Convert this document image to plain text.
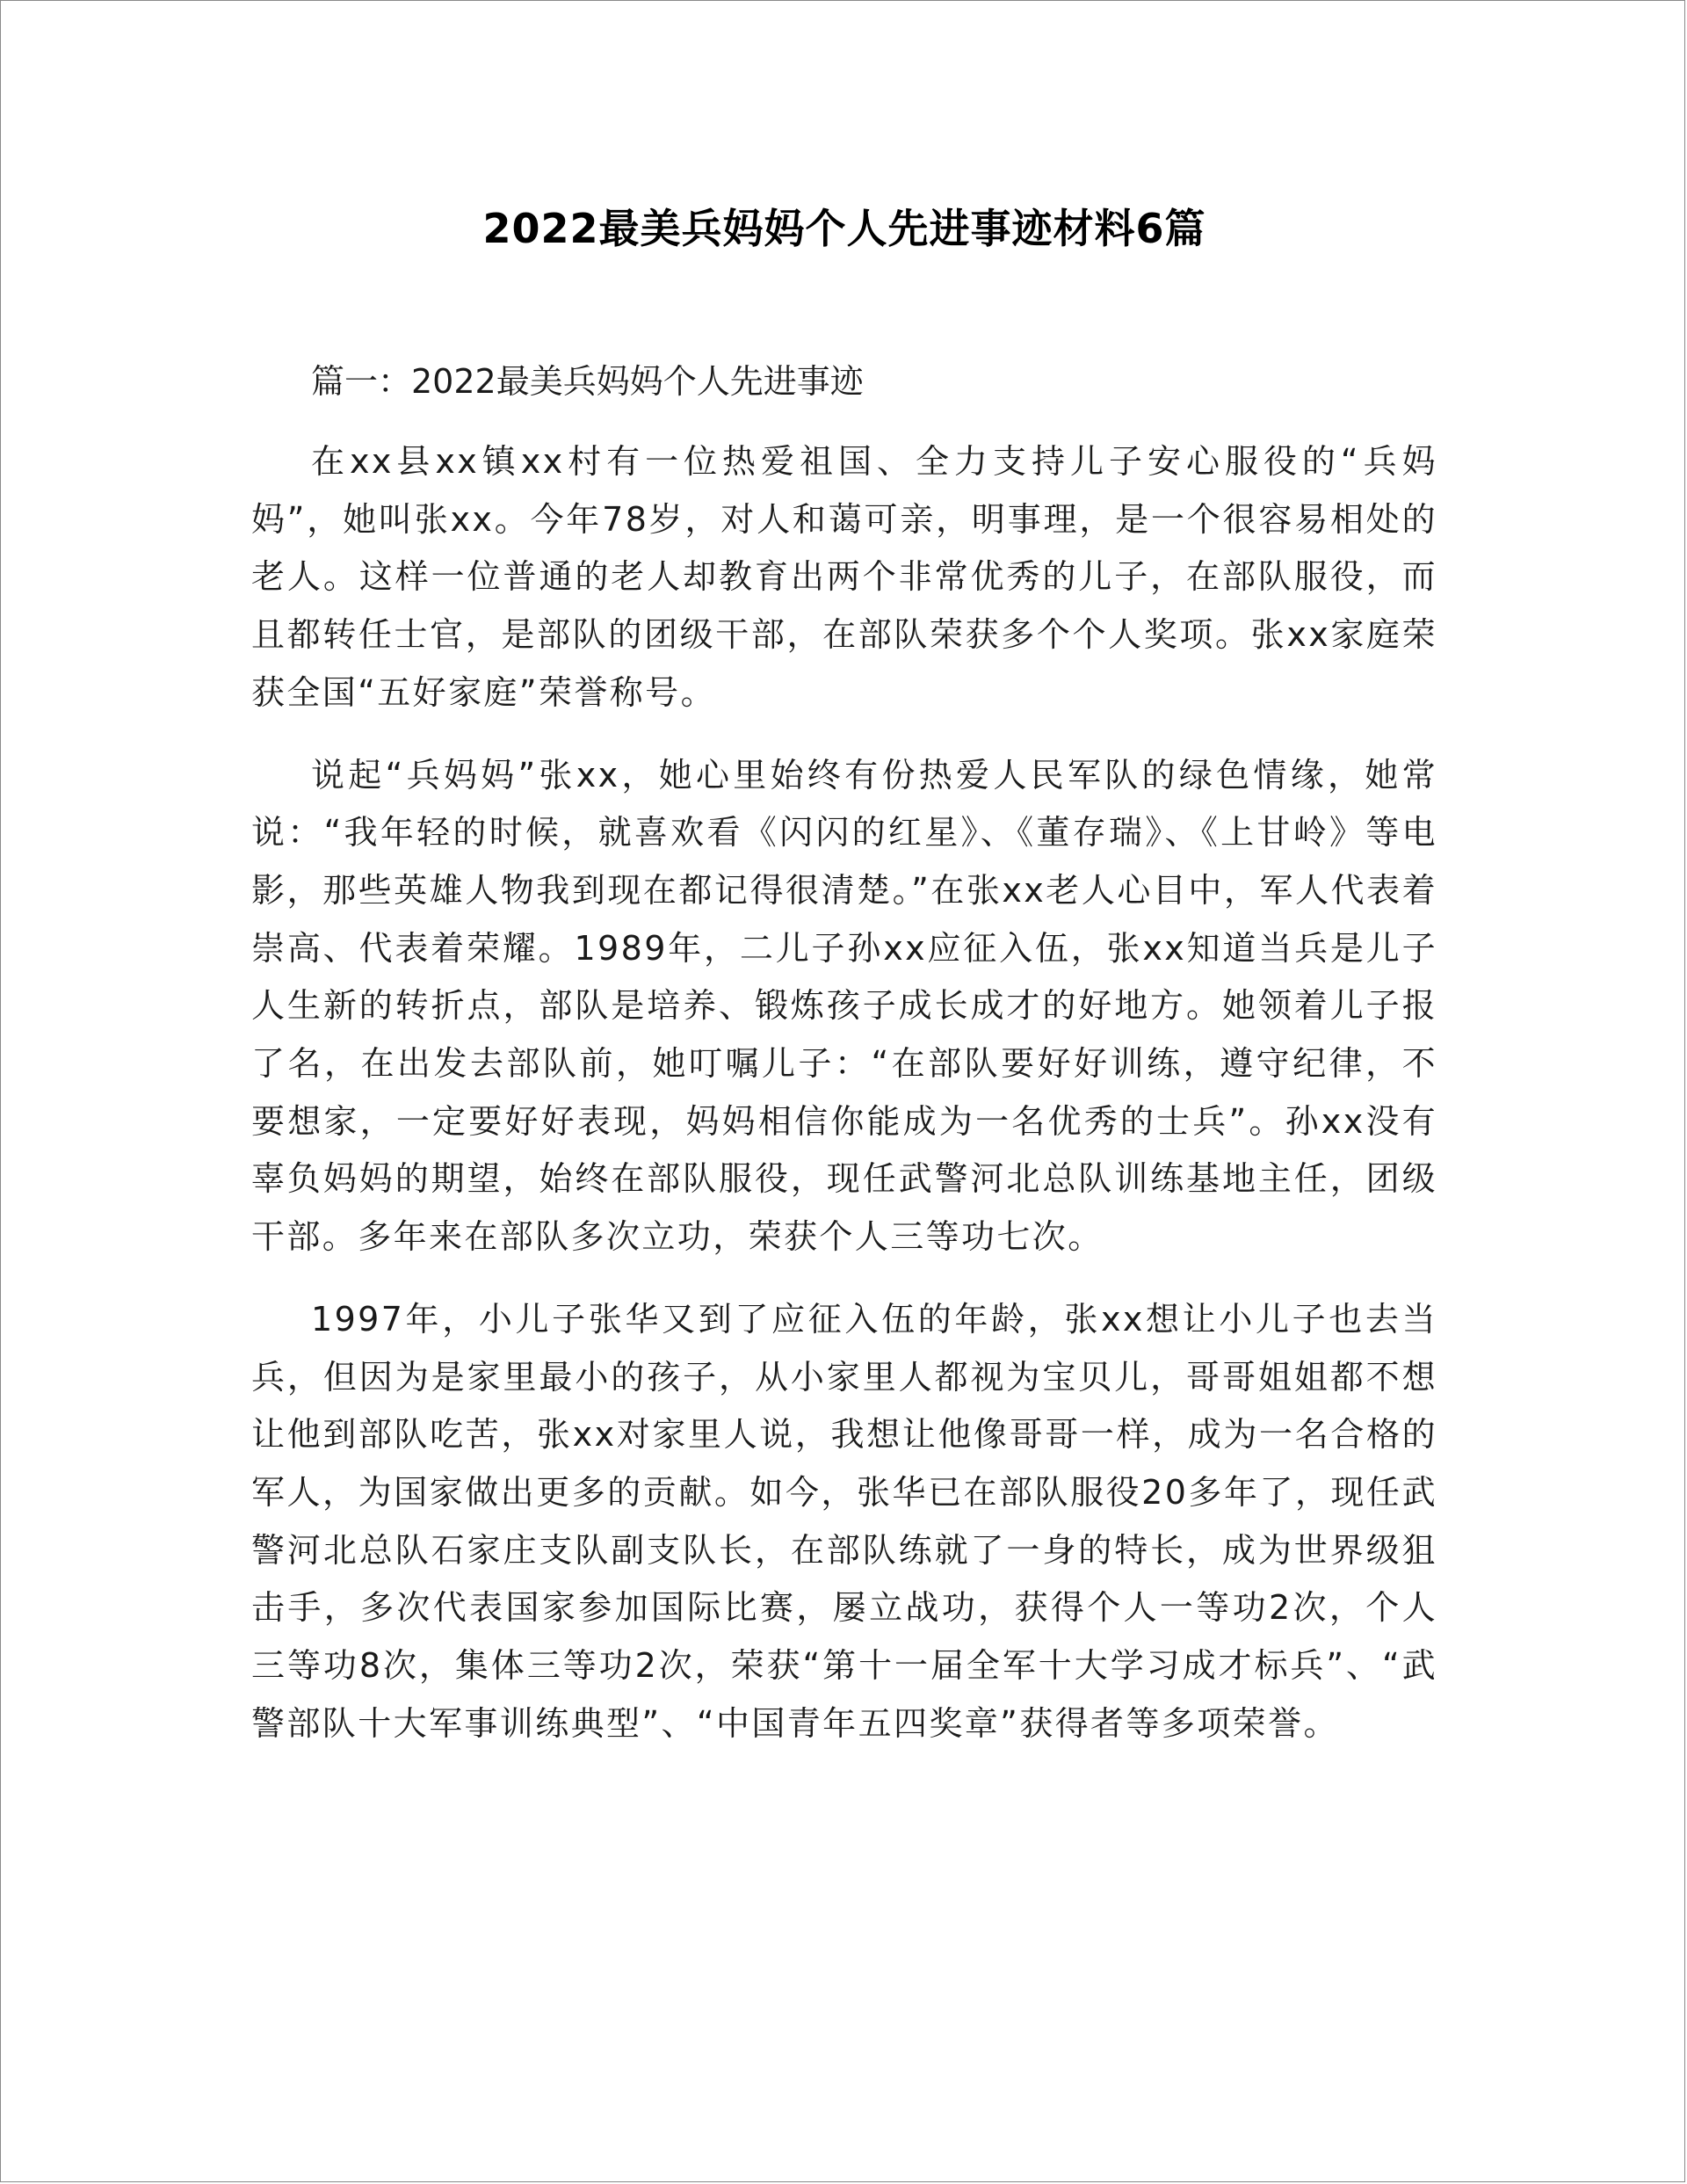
2022最美兵妈妈个人先进事迹材料6篇

篇一：2022最美兵妈妈个人先进事迹

在xx县xx镇xx村有一位热爱祖国、全力支持儿子安心服役的“兵妈妈”，她叫张xx。今年78岁，对人和蔼可亲，明事理，是一个很容易相处的老人。这样一位普通的老人却教育出两个非常优秀的儿子，在部队服役，而且都转任士官，是部队的团级干部，在部队荣获多个个人奖项。张xx家庭荣获全国“五好家庭”荣誉称号。

说起“兵妈妈”张xx，她心里始终有份热爱人民军队的绿色情缘，她常说：“我年轻的时候，就喜欢看《闪闪的红星》、《董存瑞》、《上甘岭》等电影，那些英雄人物我到现在都记得很清楚。”在张xx老人心目中，军人代表着崇高、代表着荣耀。1989年，二儿子孙xx应征入伍，张xx知道当兵是儿子人生新的转折点，部队是培养、锻炼孩子成长成才的好地方。她领着儿子报了名，在出发去部队前，她叮嘱儿子：“在部队要好好训练，遵守纪律，不要想家，一定要好好表现，妈妈相信你能成为一名优秀的士兵”。孙xx没有辜负妈妈的期望，始终在部队服役，现任武警河北总队训练基地主任，团级干部。多年来在部队多次立功，荣获个人三等功七次。

1997年，小儿子张华又到了应征入伍的年龄，张xx想让小儿子也去当兵，但因为是家里最小的孩子，从小家里人都视为宝贝儿，哥哥姐姐都不想让他到部队吃苦，张xx对家里人说，我想让他像哥哥一样，成为一名合格的军人，为国家做出更多的贡献。如今，张华已在部队服役20多年了，现任武警河北总队石家庄支队副支队长，在部队练就了一身的特长，成为世界级狙击手，多次代表国家参加国际比赛，屡立战功，获得个人一等功2次，个人三等功8次，集体三等功2次，荣获“第十一届全军十大学习成才标兵”、“武警部队十大军事训练典型”、“中国青年五四奖章”获得者等多项荣誉。
